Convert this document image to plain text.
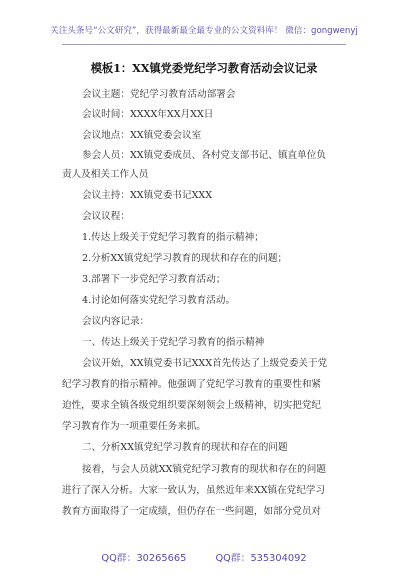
关注头条号“公文研究”，获得最新最全最专业的公文资料库！ 微信：gongwenyj
模板1：XX镇党委党纪学习教育活动会议记录
会议主题：党纪学习教育活动部署会
会议时间：XXXX年XX月XX日
会议地点：XX镇党委会议室
参会人员：XX镇党委成员、各村党支部书记、镇直单位负
责人及相关工作人员
会议主持：XX镇党委书记XXX
会议议程：
1.传达上级关于党纪学习教育的指示精神；
2.分析XX镇党纪学习教育的现状和存在的问题；
3.部署下一步党纪学习教育活动；
4.讨论如何落实党纪学习教育活动。
会议内容记录：
一、传达上级关于党纪学习教育的指示精神
会议开始，XX镇党委书记XXX首先传达了上级党委关于党
纪学习教育的指示精神。他强调了党纪学习教育的重要性和紧
迫性，要求全镇各级党组织要深刻领会上级精神，切实把党纪
学习教育作为一项重要任务来抓。
二、分析XX镇党纪学习教育的现状和存在的问题
接着，与会人员就XX镇党纪学习教育的现状和存在的问题
进行了深入分析。大家一致认为，虽然近年来XX镇在党纪学习
教育方面取得了一定成绩，但仍存在一些问题，如部分党员对
QQ群：30265665	QQ群：535304092
